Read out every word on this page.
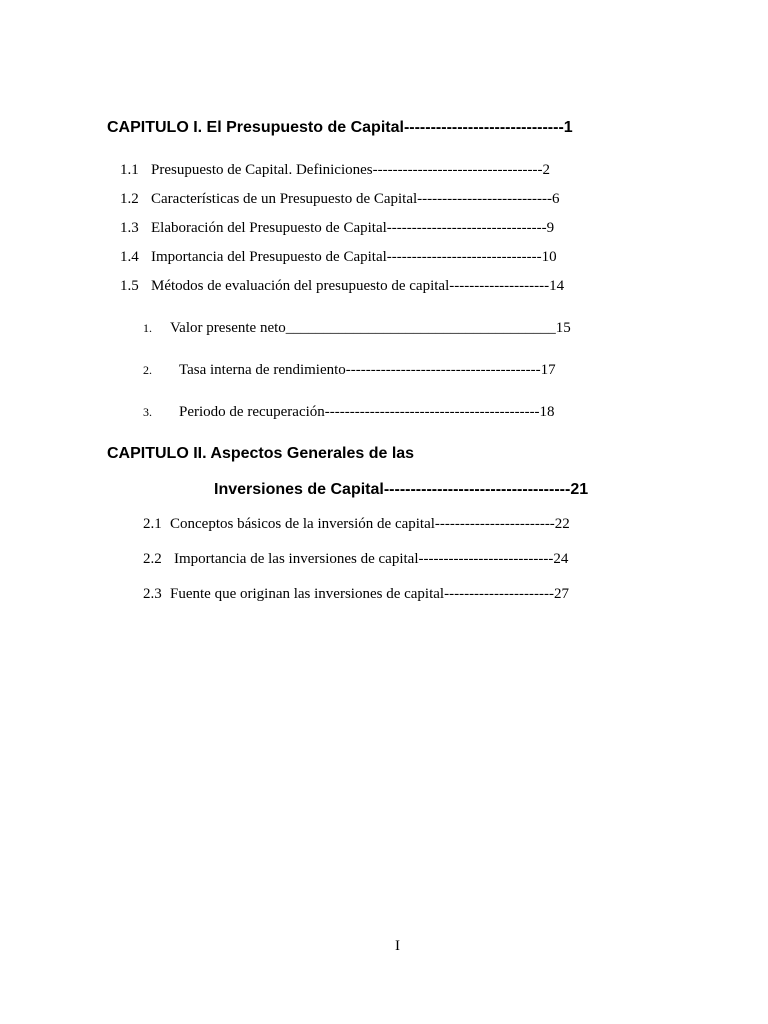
CAPITULO I. El Presupuesto de Capital------------------------------1
1.1 Presupuesto de Capital. Definiciones----------------------------------2
1.2 Características de un Presupuesto de Capital---------------------------6
1.3 Elaboración del Presupuesto de Capital--------------------------------9
1.4 Importancia del Presupuesto de Capital-------------------------------10
1.5 Métodos de evaluación del presupuesto de capital--------------------14
1. Valor presente neto____________________________________15
2. Tasa interna de rendimiento---------------------------------------17
3. Periodo de recuperación-------------------------------------------18
CAPITULO II. Aspectos Generales de las
Inversiones de Capital-----------------------------------21
2.1 Conceptos básicos de la inversión de capital------------------------22
2.2 Importancia de las inversiones de capital---------------------------24
2.3 Fuente que originan las inversiones de capital----------------------27
I
